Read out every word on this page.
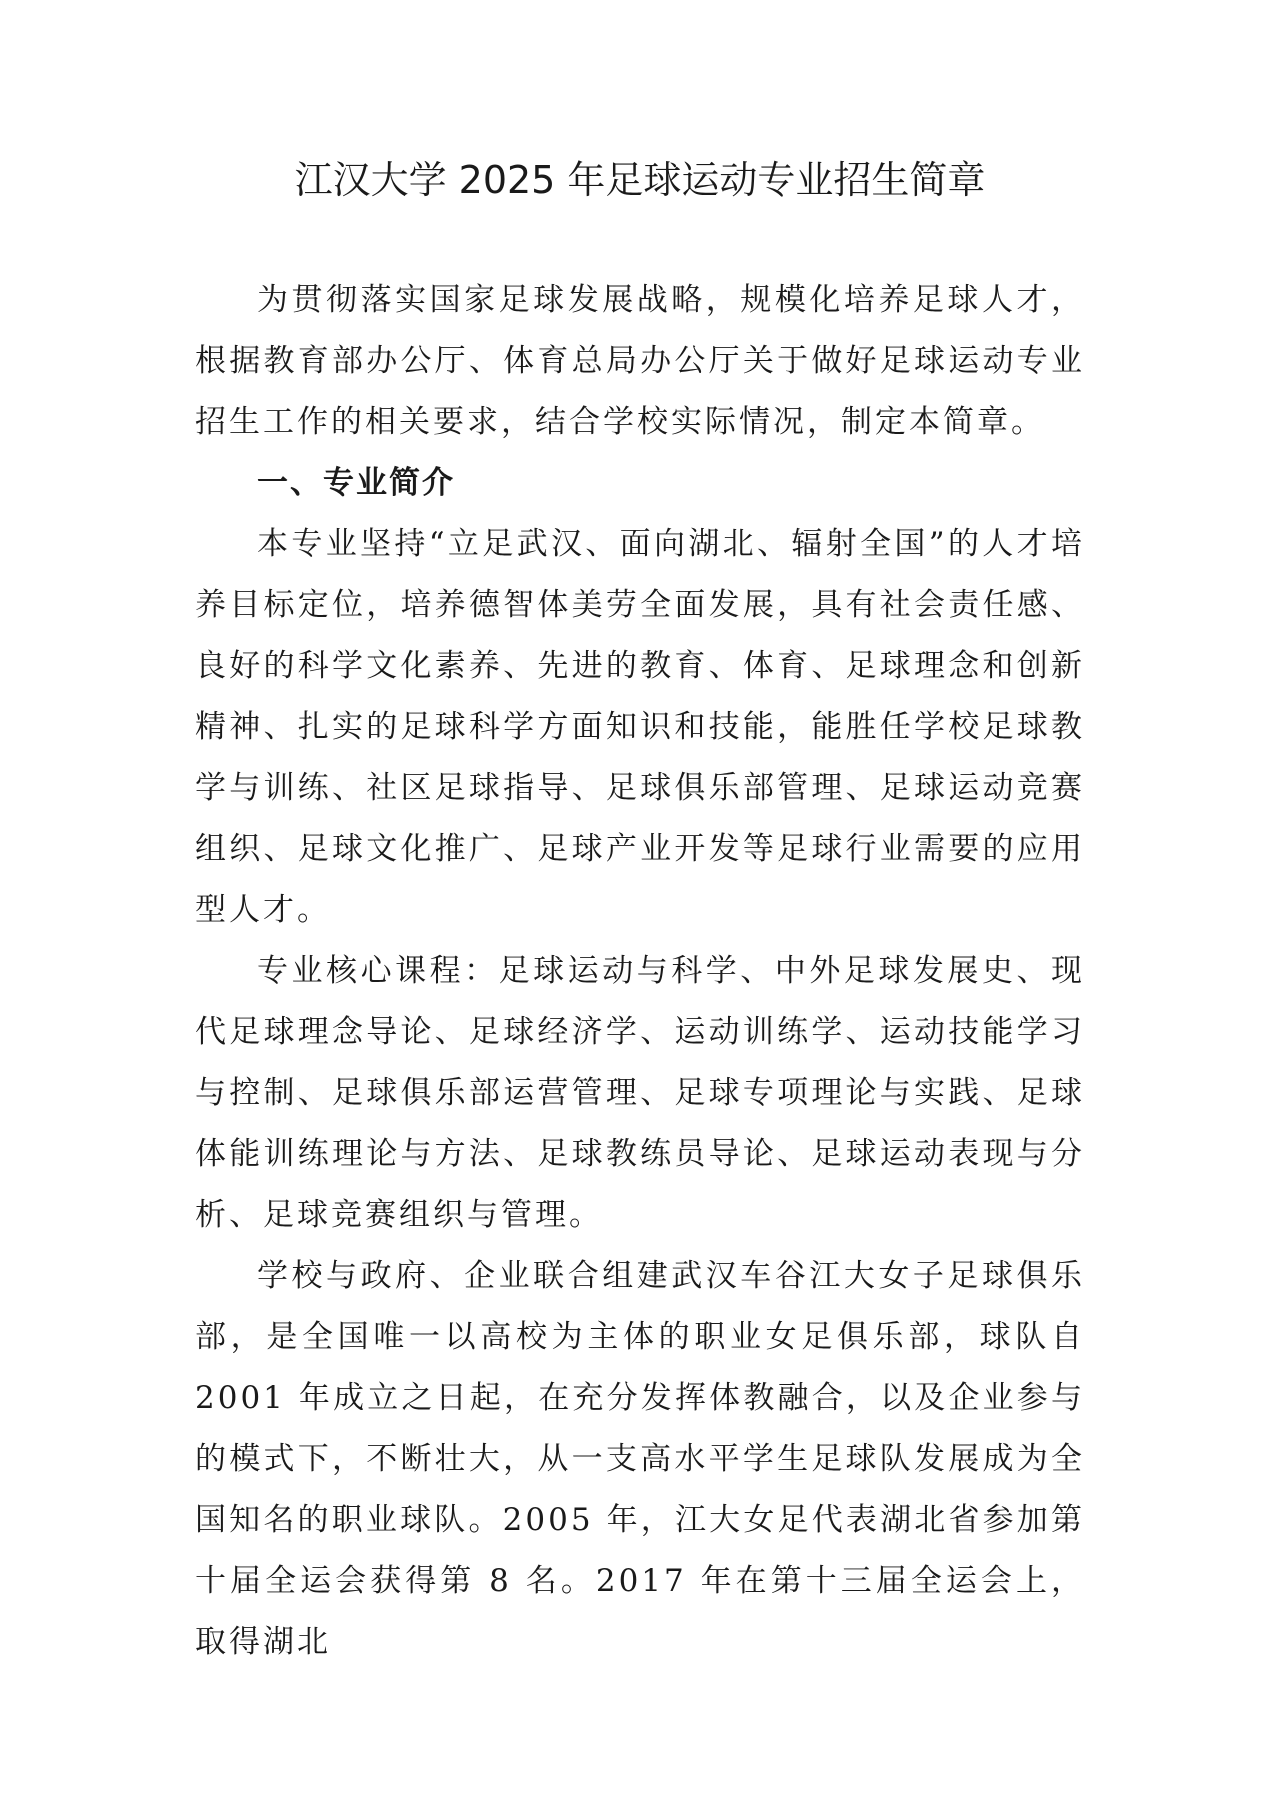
江汉大学 2025 年足球运动专业招生简章

为贯彻落实国家足球发展战略，规模化培养足球人才，根据教育部办公厅、体育总局办公厅关于做好足球运动专业招生工作的相关要求，结合学校实际情况，制定本简章。

一、专业简介

本专业坚持“立足武汉、面向湖北、辐射全国”的人才培养目标定位，培养德智体美劳全面发展，具有社会责任感、良好的科学文化素养、先进的教育、体育、足球理念和创新精神、扎实的足球科学方面知识和技能，能胜任学校足球教学与训练、社区足球指导、足球俱乐部管理、足球运动竞赛组织、足球文化推广、足球产业开发等足球行业需要的应用型人才。

专业核心课程：足球运动与科学、中外足球发展史、现代足球理念导论、足球经济学、运动训练学、运动技能学习与控制、足球俱乐部运营管理、足球专项理论与实践、足球体能训练理论与方法、足球教练员导论、足球运动表现与分析、足球竞赛组织与管理。

学校与政府、企业联合组建武汉车谷江大女子足球俱乐部，是全国唯一以高校为主体的职业女足俱乐部，球队自 2001 年成立之日起，在充分发挥体教融合，以及企业参与的模式下，不断壮大，从一支高水平学生足球队发展成为全国知名的职业球队。2005 年，江大女足代表湖北省参加第十届全运会获得第 8 名。2017 年在第十三届全运会上，取得湖北
